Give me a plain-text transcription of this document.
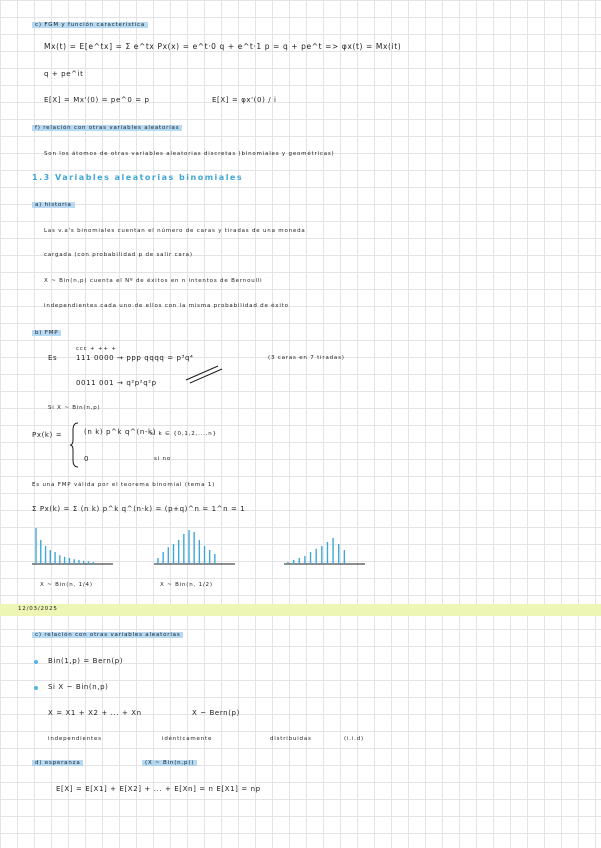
c) FGM y función característica
Mx(t) = E[e^tx] = Σ e^tx Px(x) = e^t·0 q + e^t·1 p = q + pe^t => φx(t) = Mx(it)
q + pe^it
E[X] = Mx'(0) = pe^0 = p	E[X] = φx'(0) / i
f) relación con otras variables aleatorias
Son los átomos de otras variables aleatorias discretas (binomiales y geométricas)
1.3 Variables aleatorias binomiales
a) historia
Las v.a's binomiales cuentan el número de caras y tiradas de una moneda
cargada (con probabilidad p de salir cara)
X ~ Bin(n,p) cuenta el Nº de éxitos en n intentos de Bernoulli
independientes cada uno de ellos con la misma probabilidad de éxito
b) FMP
Es
ccc + ++ +
111 0000 → ppp qqqq = p³q⁴	(3 caras en 7 tiradas)
0011 001 → q²p²q²p
Si X ~ Bin(n,p)
Px(k) =	(n k) p^k q^(n-k)
si k ∈ {0,1,2,...,n}
0	si no
Es una FMP válida por el teorema binomial (tema 1)
Σ Px(k) = Σ (n k) p^k q^(n-k) = (p+q)^n = 1^n = 1
X ~ Bin(n, 1/4)	X ~ Bin(n, 1/2)
12/03/2025
c) relación con otras variables aleatorias
Bin(1,p) = Bern(p)
Si X ~ Bin(n,p)
X = X1 + X2 + ... + Xn	X ~ Bern(p)
independientes	idénticamente	distribuidas	(i.i.d)
d) esperanza	(X ~ Bin(n,p))
E[X] = E[X1] + E[X2] + ... + E[Xn] = n E[X1] = np
